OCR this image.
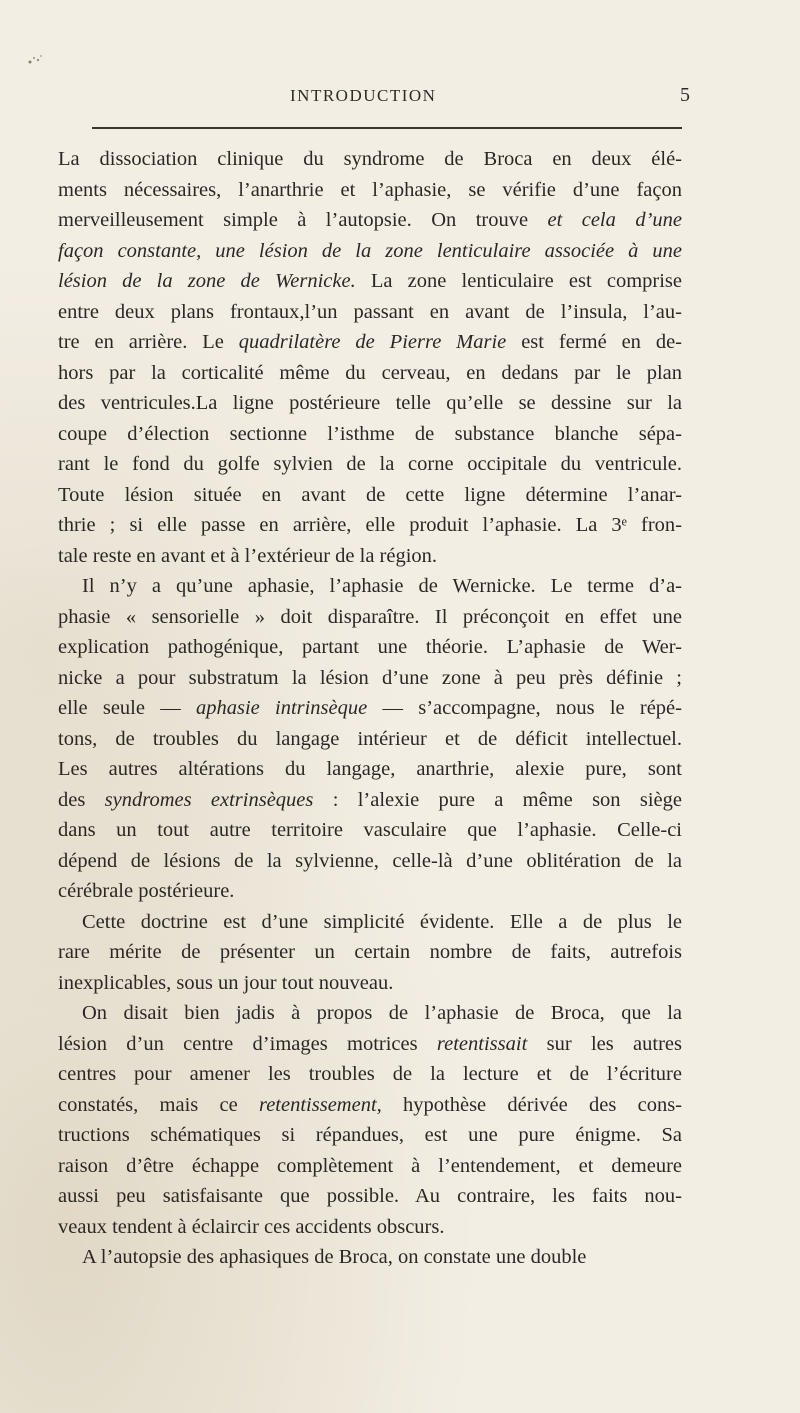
INTRODUCTION	5
La dissociation clinique du syndrome de Broca en deux élé-
ments nécessaires, l’anarthrie et l’aphasie, se vérifie d’une façon
merveilleusement simple à l’autopsie. On trouve et cela d’une
façon constante, une lésion de la zone lenticulaire associée à une
lésion de la zone de Wernicke. La zone lenticulaire est comprise
entre deux plans frontaux,l’un passant en avant de l’insula, l’au-
tre en arrière. Le quadrilatère de Pierre Marie est fermé en de-
hors par la corticalité même du cerveau, en dedans par le plan
des ventricules.La ligne postérieure telle qu’elle se dessine sur la
coupe d’élection sectionne l’isthme de substance blanche sépa-
rant le fond du golfe sylvien de la corne occipitale du ventricule.
Toute lésion située en avant de cette ligne détermine l’anar-
thrie ; si elle passe en arrière, elle produit l’aphasie. La 3ᵉ fron-
tale reste en avant et à l’extérieur de la région.
Il n’y a qu’une aphasie, l’aphasie de Wernicke. Le terme d’a-
phasie « sensorielle » doit disparaître. Il préconçoit en effet une
explication pathogénique, partant une théorie. L’aphasie de Wer-
nicke a pour substratum la lésion d’une zone à peu près définie ;
elle seule — aphasie intrinsèque — s’accompagne, nous le répé-
tons, de troubles du langage intérieur et de déficit intellectuel.
Les autres altérations du langage, anarthrie, alexie pure, sont
des syndromes extrinsèques : l’alexie pure a même son siège
dans un tout autre territoire vasculaire que l’aphasie. Celle-ci
dépend de lésions de la sylvienne, celle-là d’une oblitération de la
cérébrale postérieure.
Cette doctrine est d’une simplicité évidente. Elle a de plus le
rare mérite de présenter un certain nombre de faits, autrefois
inexplicables, sous un jour tout nouveau.
On disait bien jadis à propos de l’aphasie de Broca, que la
lésion d’un centre d’images motrices retentissait sur les autres
centres pour amener les troubles de la lecture et de l’écriture
constatés, mais ce retentissement, hypothèse dérivée des cons-
tructions schématiques si répandues, est une pure énigme. Sa
raison d’être échappe complètement à l’entendement, et demeure
aussi peu satisfaisante que possible. Au contraire, les faits nou-
veaux tendent à éclaircir ces accidents obscurs.
A l’autopsie des aphasiques de Broca, on constate une double
